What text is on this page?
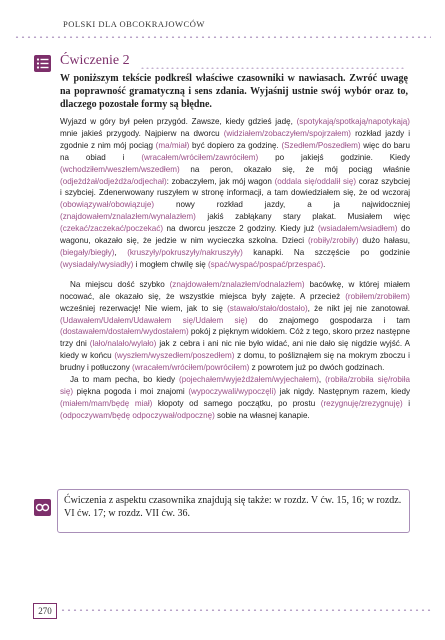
POLSKI DLA OBCOKRAJOWCÓW
Ćwiczenie 2

W poniższym tekście podkreśl właściwe czasowniki w nawiasach. Zwróć uwagę na poprawność gramatyczną i sens zdania. Wyjaśnij ustnie swój wybór oraz to, dlaczego pozostałe formy są błędne.

Wyjazd w góry był pełen przygód. Zawsze, kiedy gdzieś jadę, (spotykają/spotkają/napotykają) mnie jakieś przygody. Najpierw na dworcu (widziałem/zobaczyłem/spojrzałem) rozkład jazdy i zgodnie z nim mój pociąg (ma/miał) być dopiero za godzinę. (Szedłem/Poszedłem) więc do baru na obiad i (wracałem/wróciłem/zawróciłem) po jakiejś godzinie. Kiedy (wchodziłem/weszłem/wszedłem) na peron, okazało się, że mój pociąg właśnie (odjeżdżał/odjeżdża/odjechał): zobaczyłem, jak mój wagon (oddala się/oddalił się) coraz szybciej i szybciej. Zdenerwowany ruszyłem w stronę informacji, a tam dowiedziałem się, że od wczoraj (obowiązywał/obowiązuje) nowy rozkład jazdy, a ja najwidoczniej (znajdowałem/znalazłem/wynalazłem) jakiś zabłąkany stary plakat. Musiałem więc (czekać/zaczekać/poczekać) na dworcu jeszcze 2 godziny. Kiedy już (wsiadałem/wsiadłem) do wagonu, okazało się, że jedzie w nim wycieczka szkolna. Dzieci (robiły/zrobiły) dużo hałasu, (biegały/biegły), (kruszyły/pokruszyły/nakruszyły) kanapki. Na szczęście po godzinie (wysiadały/wysiadły) i mogłem chwilę się (spać/wyspać/pospać/przespać).

Na miejscu dość szybko (znajdowałem/znalazłem/odnalazłem) bacówkę, w której miałem nocować, ale okazało się, że wszystkie miejsca były zajęte. A przecież (robiłem/zrobiłem) wcześniej rezerwację! Nie wiem, jak to się (stawało/stało/dostało), że nikt jej nie zanotował. (Udawałem/Udałem/Udawałem się/Udałem się) do znajomego gospodarza i tam (dostawałem/dostałem/wydostałem) pokój z pięknym widokiem. Cóż z tego, skoro przez następne trzy dni (lało/nalało/wylało) jak z cebra i ani nic nie było widać, ani nie dało się nigdzie wyjść. A kiedy w końcu (wyszłem/wyszedłem/poszedłem) z domu, to pośliznąłem się na mokrym zboczu i brudny i potłuczony (wracałem/wróciłem/powróciłem) z powrotem już po dwóch godzinach.

Ja to mam pecha, bo kiedy (pojechałem/wyjeżdżałem/wyjechałem), (robiła/zrobiła się/robiła się) piękna pogoda i moi znajomi (wypoczywali/wypoczęli) jak nigdy. Następnym razem, kiedy (miałem/mam/będę miał) kłopoty od samego początku, po prostu (rezygnuję/zrezygnuję) i (odpoczywam/będę odpoczywał/odpocznę) sobie na własnej kanapie.

Ćwiczenia z aspektu czasownika znajdują się także: w rozdz. V ćw. 15, 16; w rozdz. VI ćw. 17; w rozdz. VII ćw. 36.
270
